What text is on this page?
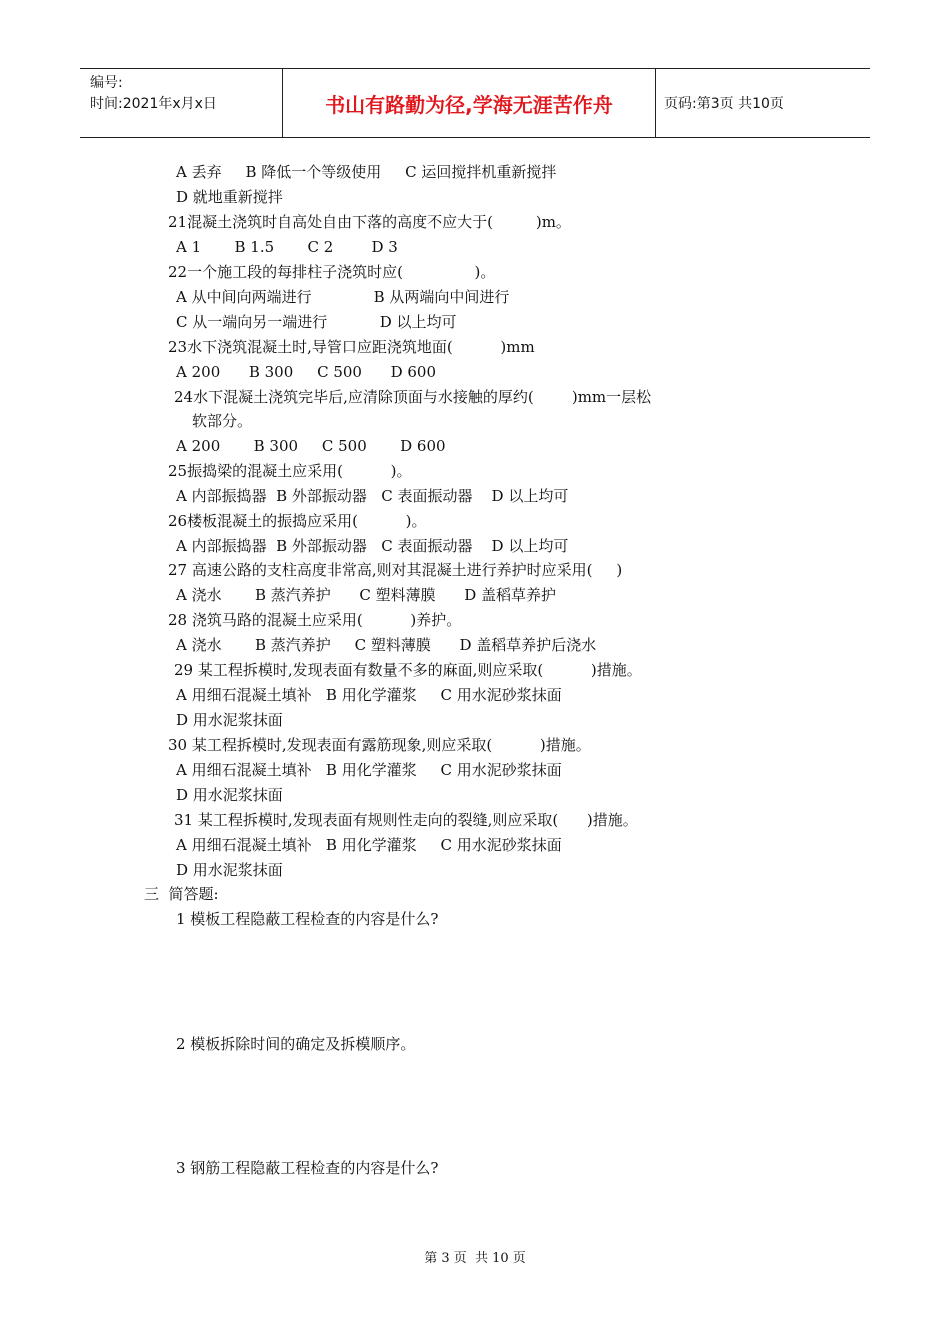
编号:
时间:2021年x月x日	书山有路勤为径,学海无涯苦作舟	页码:第3页 共10页
A 丢弃     B 降低一个等级使用     C 运回搅拌机重新搅拌
D 就地重新搅拌
21混凝土浇筑时自高处自由下落的高度不应大于(         )m。
A 1       B 1.5       C 2        D 3
22一个施工段的每排柱子浇筑时应(               )。
A 从中间向两端进行             B 从两端向中间进行
C 从一端向另一端进行           D 以上均可
23水下浇筑混凝土时,导管口应距浇筑地面(          )mm
A 200      B 300     C 500      D 600
24水下混凝土浇筑完毕后,应清除顶面与水接触的厚约(        )mm一层松
软部分。
A 200       B 300     C 500       D 600
25振捣梁的混凝土应采用(          )。
A 内部振捣器  B 外部振动器   C 表面振动器    D 以上均可
26楼板混凝土的振捣应采用(          )。
A 内部振捣器  B 外部振动器   C 表面振动器    D 以上均可
27 高速公路的支柱高度非常高,则对其混凝土进行养护时应采用(     )
A 浇水       B 蒸汽养护      C 塑料薄膜      D 盖稻草养护
28 浇筑马路的混凝土应采用(          )养护。
A 浇水       B 蒸汽养护     C 塑料薄膜      D 盖稻草养护后浇水
29 某工程拆模时,发现表面有数量不多的麻面,则应采取(          )措施。
A 用细石混凝土填补   B 用化学灌浆     C 用水泥砂浆抹面
D 用水泥浆抹面
30 某工程拆模时,发现表面有露筋现象,则应采取(          )措施。
A 用细石混凝土填补   B 用化学灌浆     C 用水泥砂浆抹面
D 用水泥浆抹面
31 某工程拆模时,发现表面有规则性走向的裂缝,则应采取(      )措施。
A 用细石混凝土填补   B 用化学灌浆     C 用水泥砂浆抹面
D 用水泥浆抹面
三  简答题:
1 模板工程隐蔽工程检查的内容是什么?
2 模板拆除时间的确定及拆模顺序。
3 钢筋工程隐蔽工程检查的内容是什么?
第 3 页  共 10 页
